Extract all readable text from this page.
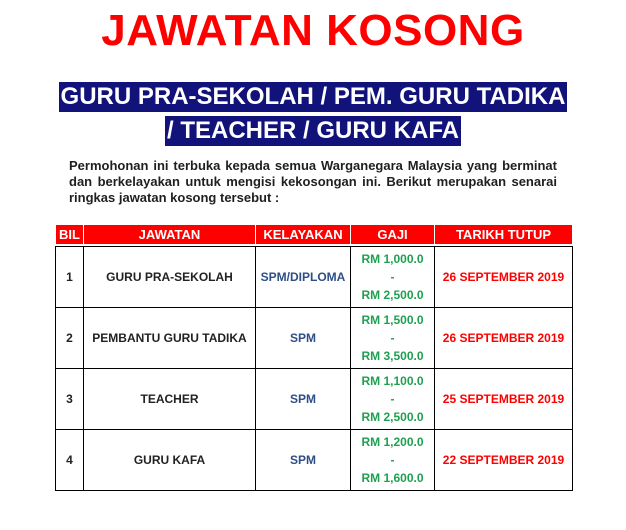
JAWATAN KOSONG
GURU PRA-SEKOLAH / PEM. GURU TADIKA
/ TEACHER / GURU KAFA
Permohonan ini terbuka kepada semua Warganegara Malaysia yang berminat dan berkelayakan untuk mengisi kekosongan ini. Berikut merupakan senarai ringkas jawatan kosong tersebut :
BIL	JAWATAN	KELAYAKAN	GAJI	TARIKH TUTUP

1	GURU PRA-SEKOLAH	SPM/DIPLOMA	RM 1,000.0
-
RM 2,500.0	26 SEPTEMBER 2019
2	PEMBANTU GURU TADIKA	SPM	RM 1,500.0
-
RM 3,500.0	26 SEPTEMBER 2019
3	TEACHER	SPM	RM 1,100.0
-
RM 2,500.0	25 SEPTEMBER 2019
4	GURU KAFA	SPM	RM 1,200.0
-
RM 1,600.0	22 SEPTEMBER 2019
